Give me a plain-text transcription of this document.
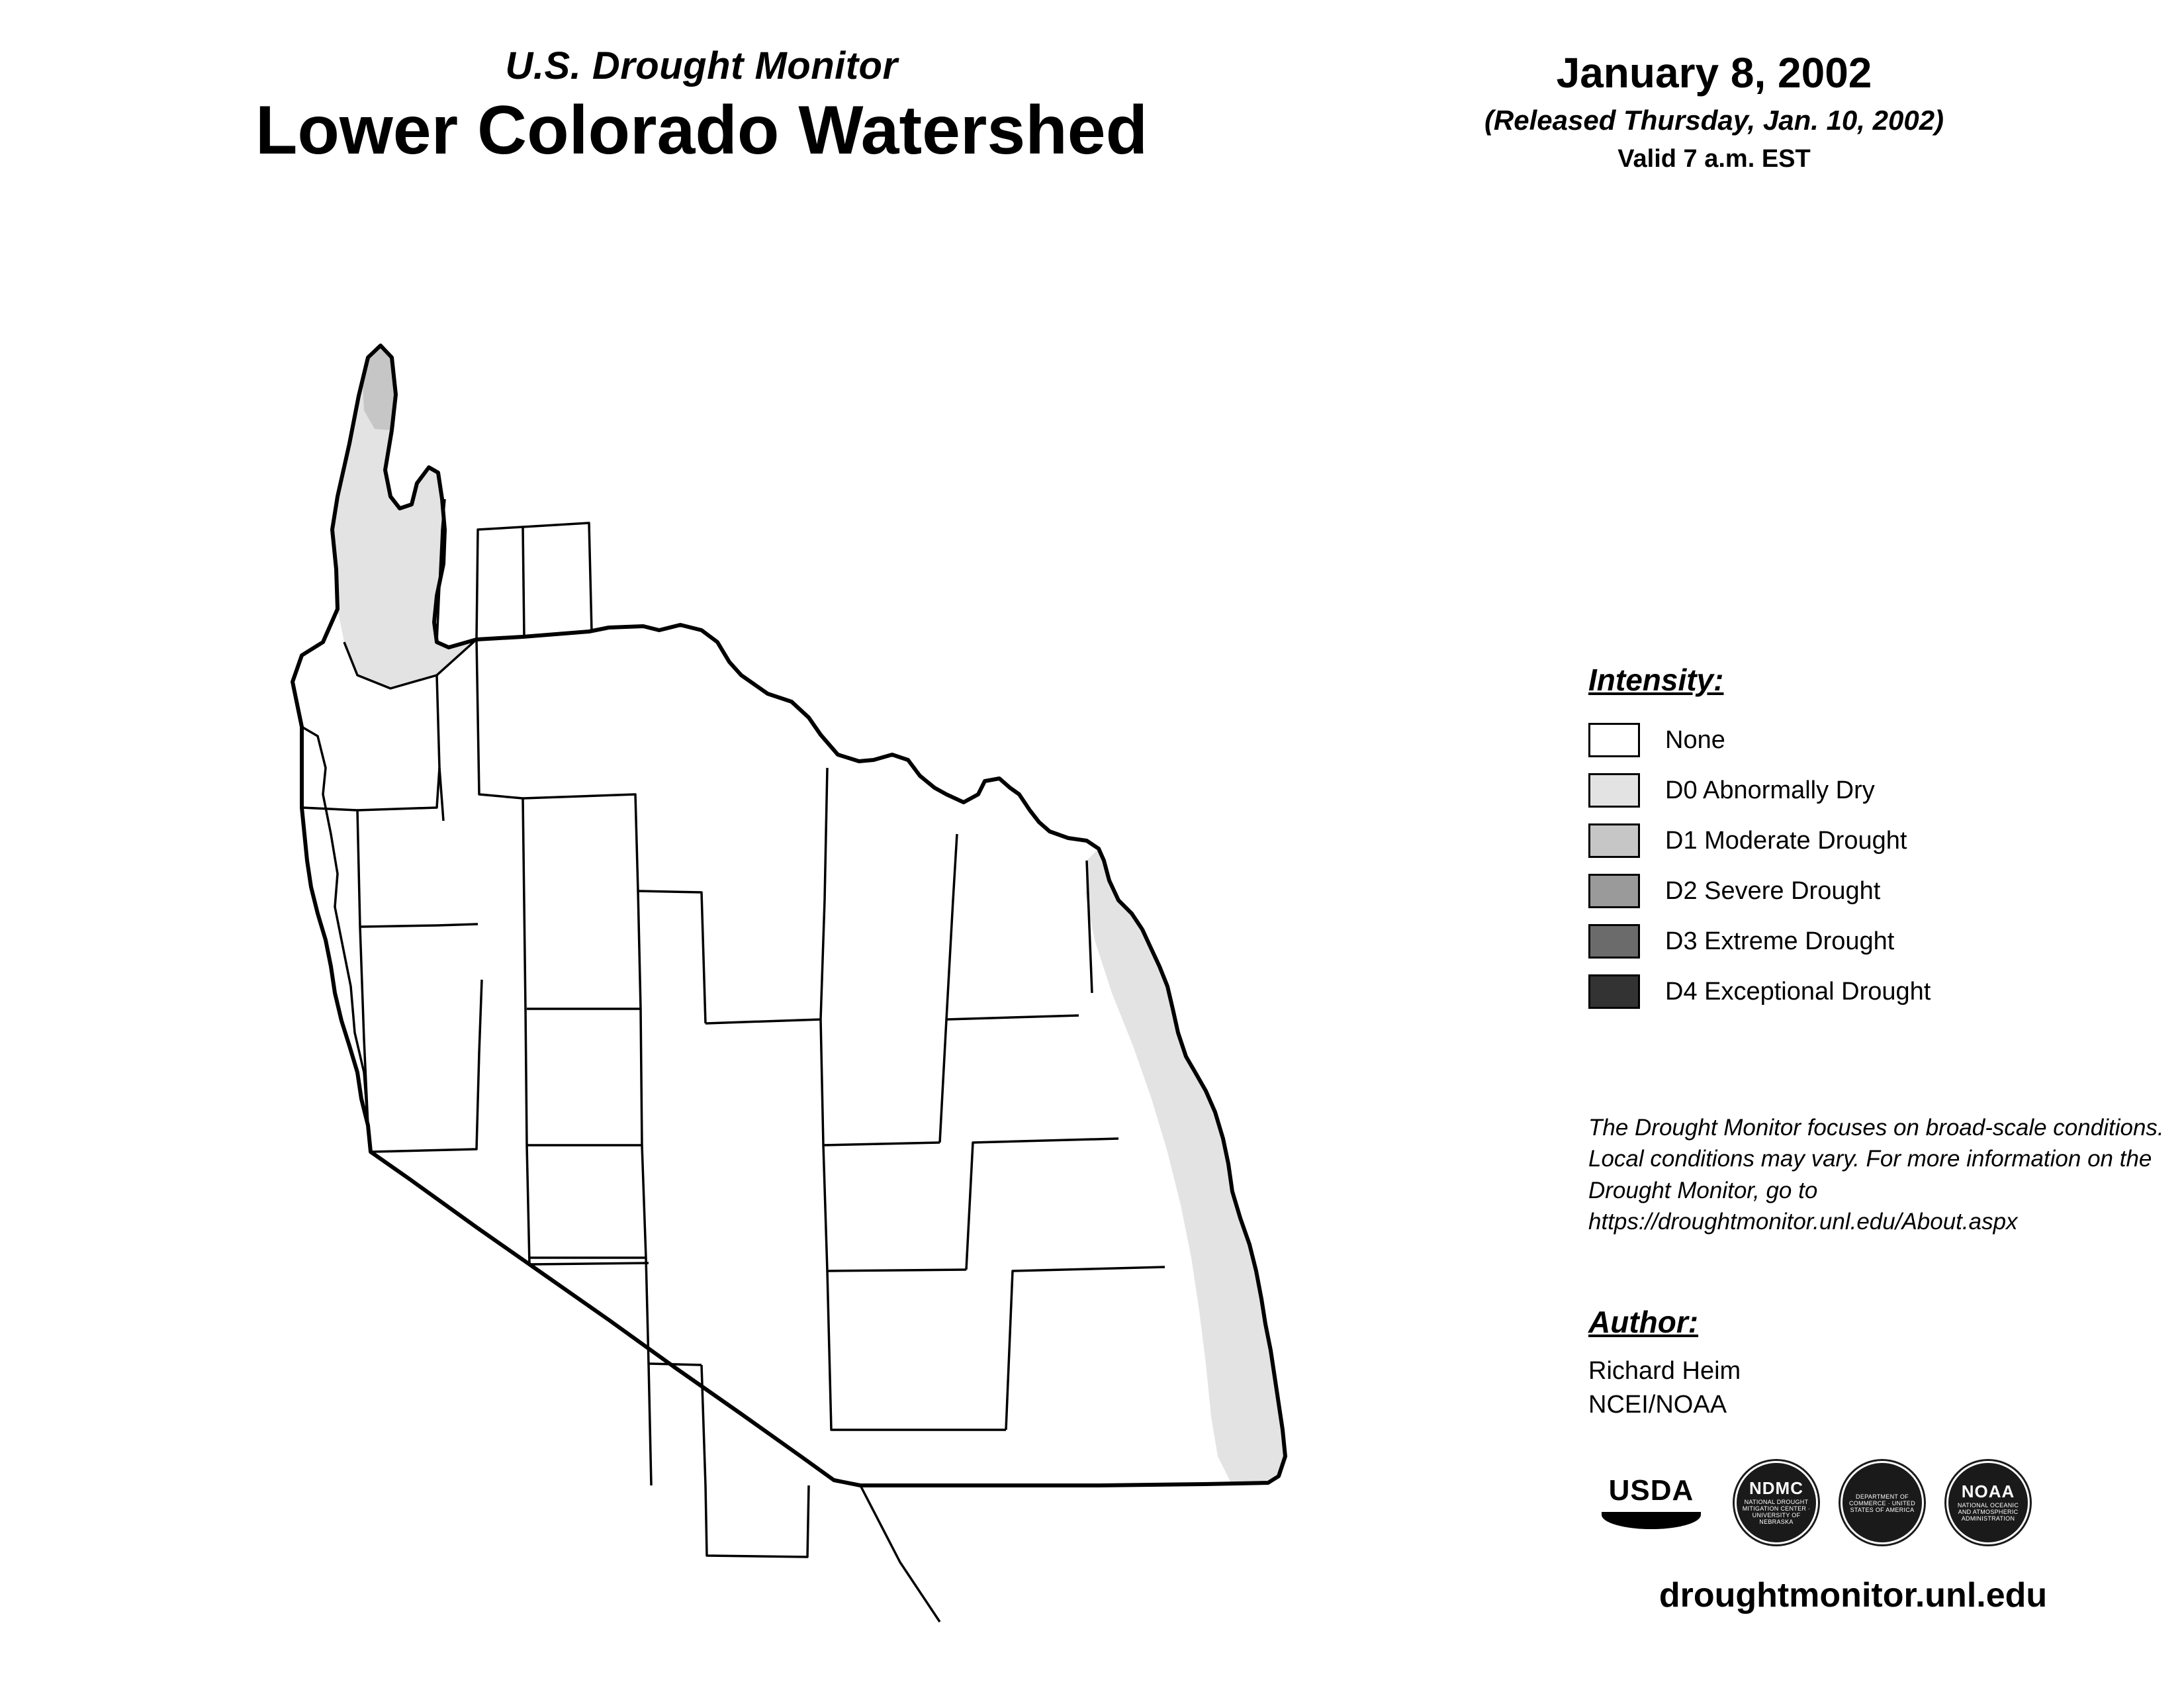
U.S. Drought Monitor
Lower Colorado Watershed
January 8, 2002
(Released Thursday, Jan. 10, 2002)
Valid 7 a.m. EST
Intensity:
None
D0 Abnormally Dry
D1 Moderate Drought
D2 Severe Drought
D3 Extreme Drought
D4 Exceptional Drought
The Drought Monitor focuses on broad-scale conditions. Local conditions may vary. For more information on the Drought Monitor, go to https://droughtmonitor.unl.edu/About.aspx
Author:
Richard Heim
NCEI/NOAA
USDA	NDMC
NATIONAL DROUGHT MITIGATION CENTER · UNIVERSITY OF NEBRASKA
DEPARTMENT OF COMMERCE · UNITED STATES OF AMERICA
NOAA
NATIONAL OCEANIC AND ATMOSPHERIC ADMINISTRATION
droughtmonitor.unl.edu
